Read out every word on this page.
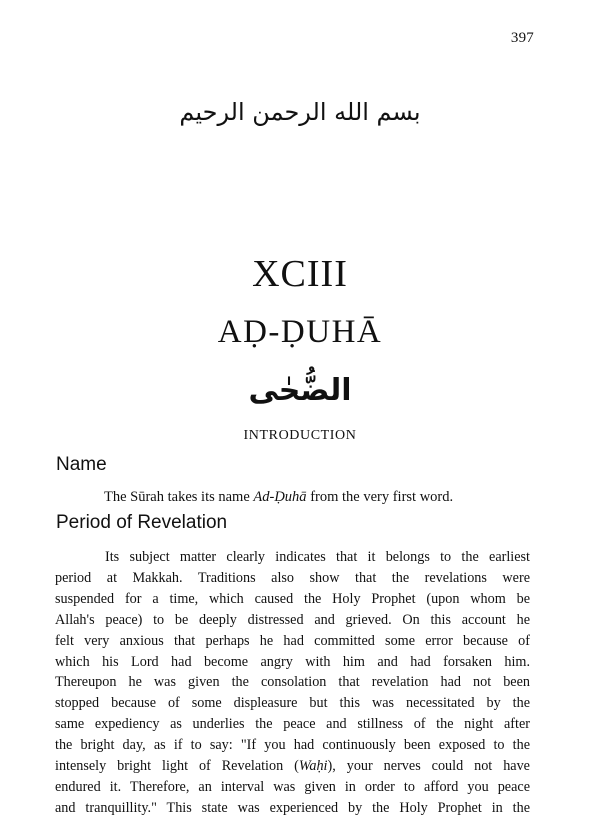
397
بسم الله الرحمن الرحيم
XCIII
AḌ-ḌUHĀ
الضُّحٰی
INTRODUCTION
Name
The Sūrah takes its name Ad-Ḍuhā from the very first word.
Period of Revelation
Its subject matter clearly indicates that it belongs to the earliest
period at Makkah. Traditions also show that the revelations were
suspended for a time, which caused the Holy Prophet (upon whom be
Allah's peace) to be deeply distressed and grieved. On this account he
felt very anxious that perhaps he had committed some error because of
which his Lord had become angry with him and had forsaken him.
Thereupon he was given the consolation that revelation had not been
stopped because of some displeasure but this was necessitated by the
same expediency as underlies the peace and stillness of the night after
the bright day, as if to say: "If you had continuously been exposed to the
intensely bright light of Revelation (Waḥi), your nerves could not have
endured it. Therefore, an interval was given in order to afford you peace
and tranquillity." This state was experienced by the Holy Prophet in the
